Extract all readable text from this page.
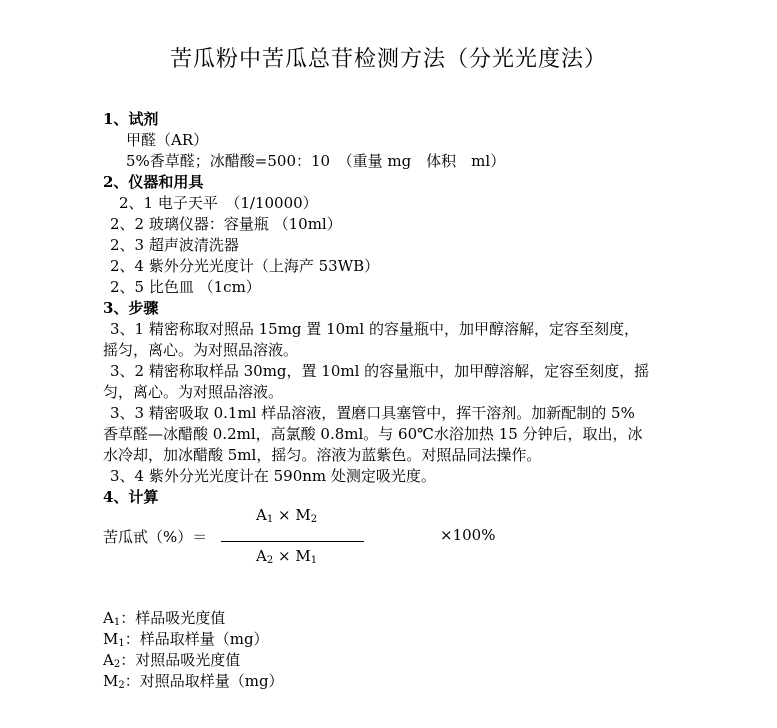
苦瓜粉中苦瓜总苷检测方法（分光光度法）
1、试剂
甲醛（AR）
5%香草醛；冰醋酸=500：10　（重量 mg　体积　ml）
2、仪器和用具
2、1 电子天平　（1/10000）
2、2 玻璃仪器：容量瓶 （10ml）
2、3 超声波清洗器
2、4 紫外分光光度计（上海产 53WB）
2、5 比色皿 （1cm）
3、步骤
3、1 精密称取对照品 15mg 置 10ml 的容量瓶中，加甲醇溶解，定容至刻度，
摇匀，离心。为对照品溶液。
3、2 精密称取样品 30mg，置 10ml 的容量瓶中，加甲醇溶解，定容至刻度，摇
匀，离心。为对照品溶液。
3、3 精密吸取 0.1ml 样品溶液，置磨口具塞管中，挥干溶剂。加新配制的 5%
香草醛—冰醋酸 0.2ml，高氯酸 0.8ml。与 60℃水浴加热 15 分钟后，取出，冰
水冷却，加冰醋酸 5ml，摇匀。溶液为蓝紫色。对照品同法操作。
3、4 紫外分光光度计在 590nm 处测定吸光度。
4、计算
$A_1 \times M_2$
苦瓜甙（%）＝	×100%
$A_2 \times M_1$
$A_1$：样品吸光度值
$M_1$：样品取样量（mg）
$A_2$：对照品吸光度值
$M_2$：对照品取样量（mg）
